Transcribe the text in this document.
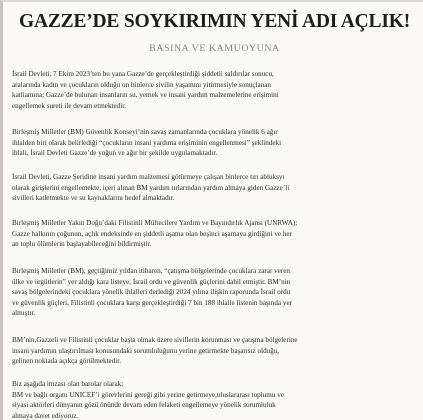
GAZZE’DE SOYKIRIMIN YENİ ADI AÇLIK!
BASINA VE KAMUOYUNA

İsrail Devleti, 7 Ekim 2023’ten bu yana Gazze’de gerçekleştirdiği şiddetli saldırılar sonucu,
aralarında kadın ve çocukların olduğu on binlerce sivilin yaşamını yitirmesiyle sonuçlanan
katliamına; Gazze’de bulunan insanların su, yemek ve insani yardım malzemelerine erişimini
engellemek sureti ile devam etmektedir.

Birleşmiş Milletler (BM) Güvenlik Konseyi’nin savaş zamanlarında çocuklara yönelik 6 ağır
ihlalden biri olarak belirlediği “çocukların insani yardıma erişiminin engellenmesi” şeklindeki
ihlali, İsrail Devleti Gazze’de yoğun ve ağır bir şekilde uygulamaktadır.

İsrail Devleti, Gazze Şeridine insani yardım malzemesi götürmeye çalışan binlerce tırı abluksyı
olarak girişlerini engellemekte, içeri alınan BM yardım tırlarından yardım almaya giden Gazze’li
sivilleri katletmekte ve su kaynaklarını hedef almaktadır.

Birleşmiş Milletler Yakın Doğu’daki Filistinli Mültecilere Yardım ve Bayındırlık Ajansı (UNRWA);
Gazze halkının çoğunun, açlık endeksinde en şiddetli aşama olan beşinci aşamaya girdiğini ve her
an toplu ölümlerin başlayabileceğini bildirmiştir.

Birleşmiş Milletler (BM), geçtiğimiz yıldan itibaren, “çatışma bölgelerinde çocuklara zarar veren
ülke ve örgütlerin” yer aldığı kara listeye, İsrail ordu ve güvenlik güçlerini dahil etmiştir. BM’nin
savaş bölgelerindeki çocuklara yönelik ihlalleri derlediği 2024 yılına ilişkin raporunda İsrail ordu
ve güvenlik güçleri, Filistinli çocuklara karşı gerçekleştirdiği 7 bin 188 ihlalle listenin başında yer
almıştır.

BM’nin,Gazzeli ve Filistinli çocuklar başta olmak üzere sivillerin korunması ve çatışma bölgelerine
insani yardımın ulaştırılması konusundaki sorumluluğunu yerine getirmekte başarısız olduğu,
gelinen noktada açıkça görülmektedir.

Biz aşağıda imzası olan barolar olarak;
BM ve bağlı organı UNICEF’i görevlerini gereği gibi yerine getirmeye,uluslararası toplumu ve
siyasi aktörleri dünyanın gözü önünde devam eden felaketi engellemeye yönelik sorumluluk
almaya davet ediyoruz.
